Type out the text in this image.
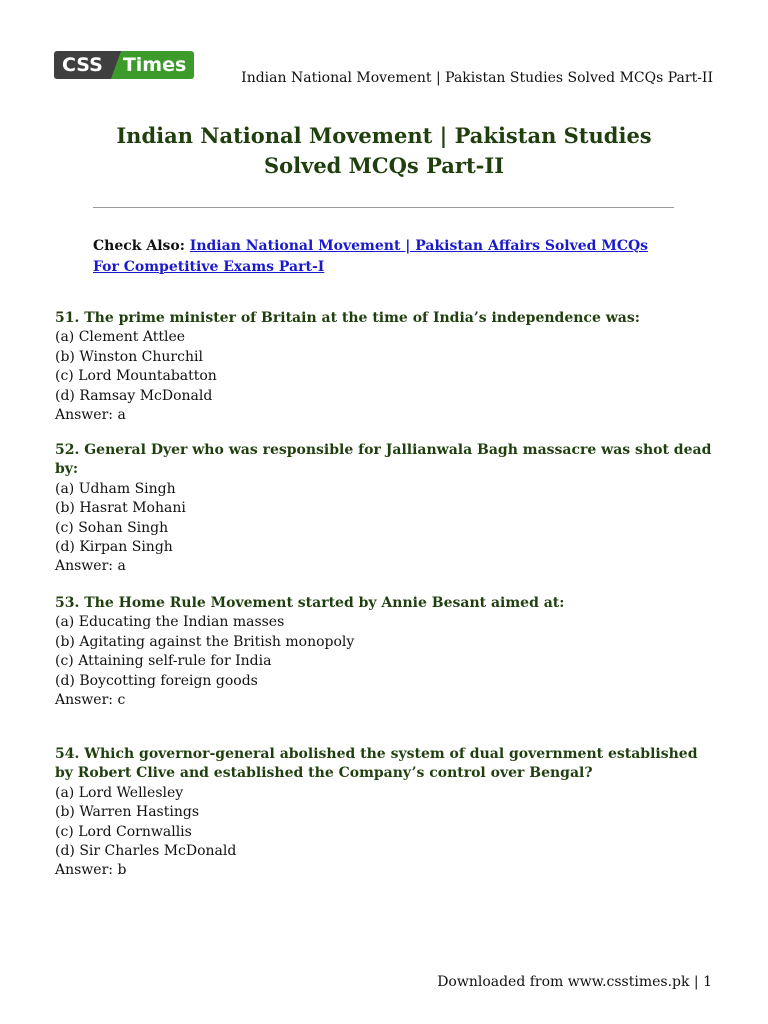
CSS	Times
Indian National Movement | Pakistan Studies Solved MCQs Part-II
Indian National Movement | Pakistan Studies
Solved MCQs Part-II
Check Also: Indian National Movement | Pakistan Affairs Solved MCQs
For Competitive Exams Part-I
51. The prime minister of Britain at the time of India’s independence was:
(a) Clement Attlee
(b) Winston Churchil
(c) Lord Mountabatton
(d) Ramsay McDonald
Answer: a
52. General Dyer who was responsible for Jallianwala Bagh massacre was shot dead
by:
(a) Udham Singh
(b) Hasrat Mohani
(c) Sohan Singh
(d) Kirpan Singh
Answer: a
53. The Home Rule Movement started by Annie Besant aimed at:
(a) Educating the Indian masses
(b) Agitating against the British monopoly
(c) Attaining self-rule for India
(d) Boycotting foreign goods
Answer: c
54. Which governor-general abolished the system of dual government established
by Robert Clive and established the Company’s control over Bengal?
(a) Lord Wellesley
(b) Warren Hastings
(c) Lord Cornwallis
(d) Sir Charles McDonald
Answer: b
Downloaded from www.csstimes.pk | 1
